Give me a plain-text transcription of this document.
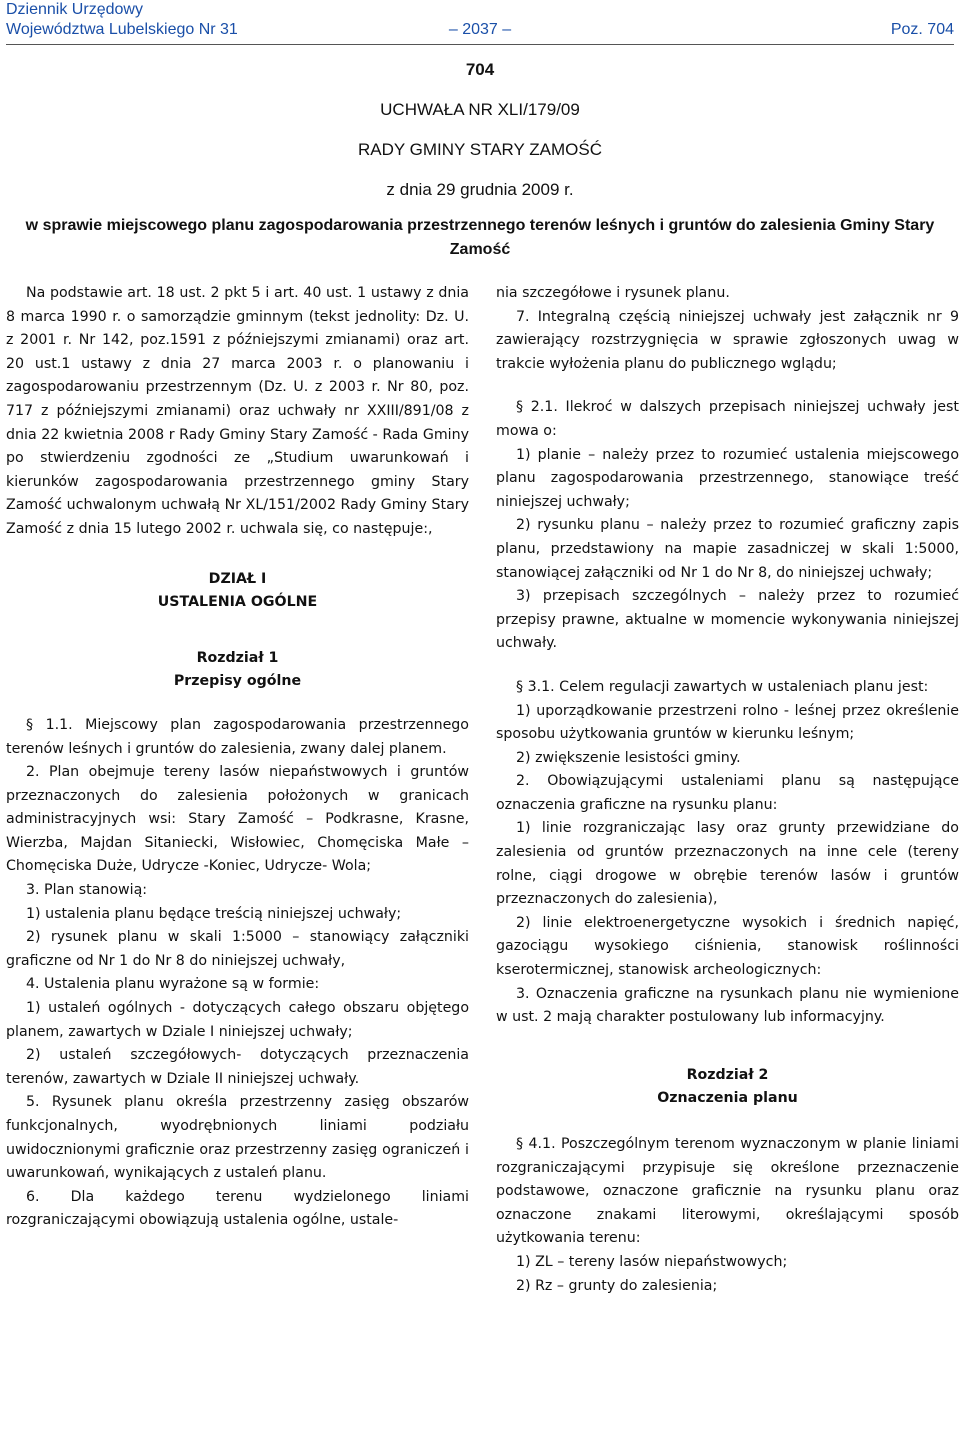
Dziennik Urzędowy
Województwa Lubelskiego Nr 31	– 2037 –	Poz. 704
704
UCHWAŁA NR XLI/179/09
RADY GMINY STARY ZAMOŚĆ
z dnia 29 grudnia 2009 r.
w sprawie miejscowego planu zagospodarowania przestrzennego terenów leśnych i gruntów do zalesienia Gminy Stary Zamość

Na podstawie art. 18 ust. 2 pkt 5 i art. 40 ust. 1 ustawy z dnia 8 marca 1990 r. o samorządzie gminnym (tekst jednolity: Dz. U. z 2001 r. Nr 142, poz.1591 z późniejszymi zmianami) oraz art. 20 ust.1 ustawy z dnia 27 marca 2003 r. o planowaniu i zagospodarowaniu przestrzennym (Dz. U. z 2003 r. Nr 80, poz. 717 z późniejszymi zmianami) oraz uchwały nr XXIII/891/08 z dnia 22 kwietnia 2008 r Rady Gminy Stary Zamość - Rada Gminy po stwierdzeniu zgodności ze „Studium uwarunkowań i kierunków zagospodarowania przestrzennego gminy Stary Zamość uchwalonym uchwałą Nr XL/151/2002 Rady Gminy Stary Zamość z dnia 15 lutego 2002 r. uchwala się, co następuje:,

DZIAŁ I

USTALENIA OGÓLNE

Rozdział 1

Przepisy ogólne

§ 1.1. Miejscowy plan zagospodarowania przestrzennego terenów leśnych i gruntów do zalesienia, zwany dalej planem.

2. Plan obejmuje tereny lasów niepaństwowych i gruntów przeznaczonych do zalesienia położonych w granicach administracyjnych wsi: Stary Zamość – Podkrasne, Krasne, Wierzba, Majdan Sitaniecki, Wisłowiec, Chomęciska Małe – Chomęciska Duże, Udrycze -Koniec, Udrycze- Wola;

3. Plan stanowią:

1) ustalenia planu będące treścią niniejszej uchwały;

2) rysunek planu w skali 1:5000 – stanowiący załączniki graficzne od Nr 1 do Nr 8 do niniejszej uchwały,

4. Ustalenia planu wyrażone są w formie:

1) ustaleń ogólnych - dotyczących całego obszaru objętego planem, zawartych w Dziale I niniejszej uchwały;

2) ustaleń szczegółowych- dotyczących przeznaczenia terenów, zawartych w Dziale II niniejszej uchwały.

5. Rysunek planu określa przestrzenny zasięg obszarów funkcjonalnych, wyodrębnionych liniami podziału uwidocznionymi graficznie oraz przestrzenny zasięg ograniczeń i uwarunkowań, wynikających z ustaleń planu.

6. Dla każdego terenu wydzielonego liniami rozgraniczającymi obowiązują ustalenia ogólne, ustale-

nia szczegółowe i rysunek planu.

7. Integralną częścią niniejszej uchwały jest załącznik nr 9 zawierający rozstrzygnięcia w sprawie zgłoszonych uwag w trakcie wyłożenia planu do publicznego wglądu;

§ 2.1. Ilekroć w dalszych przepisach niniejszej uchwały jest mowa o:

1) planie – należy przez to rozumieć ustalenia miejscowego planu zagospodarowania przestrzennego, stanowiące treść niniejszej uchwały;

2) rysunku planu – należy przez to rozumieć graficzny zapis planu, przedstawiony na mapie zasadniczej w skali 1:5000, stanowiącej załączniki od Nr 1 do Nr 8, do niniejszej uchwały;

3) przepisach szczególnych – należy przez to rozumieć przepisy prawne, aktualne w momencie wykonywania niniejszej uchwały.

§ 3.1. Celem regulacji zawartych w ustaleniach planu jest:

1) uporządkowanie przestrzeni rolno - leśnej przez określenie sposobu użytkowania gruntów w kierunku leśnym;

2) zwiększenie lesistości gminy.

2. Obowiązującymi ustaleniami planu są następujące oznaczenia graficzne na rysunku planu:

1) linie rozgraniczając lasy oraz grunty przewidziane do zalesienia od gruntów przeznaczonych na inne cele (tereny rolne, ciągi drogowe w obrębie terenów lasów i gruntów przeznaczonych do zalesienia),

2) linie elektroenergetyczne wysokich i średnich napięć, gazociągu wysokiego ciśnienia, stanowisk roślinności kserotermicznej, stanowisk archeologicznych:

3. Oznaczenia graficzne na rysunkach planu nie wymienione w ust. 2 mają charakter postulowany lub informacyjny.

Rozdział 2

Oznaczenia planu

§ 4.1. Poszczególnym terenom wyznaczonym w planie liniami rozgraniczającymi przypisuje się określone przeznaczenie podstawowe, oznaczone graficznie na rysunku planu oraz oznaczone znakami literowymi, określającymi sposób użytkowania terenu:

1) ZL – tereny lasów niepaństwowych;

2) Rz – grunty do zalesienia;
